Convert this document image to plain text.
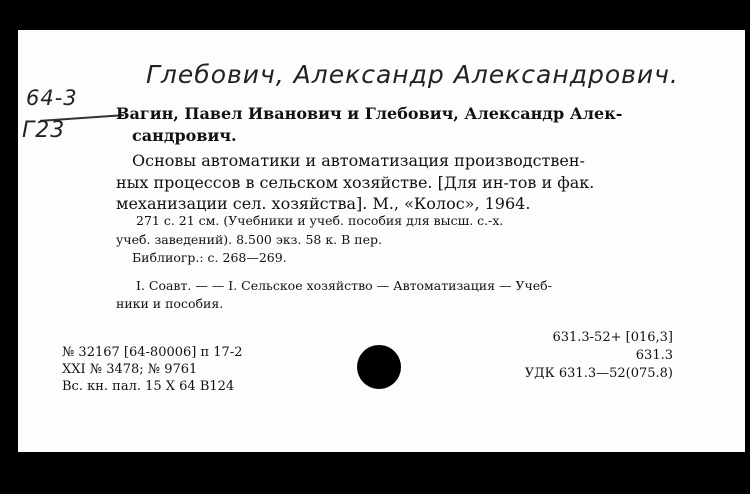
Глебович, Александр Александрович.
64-3
Г23
Вагин, Павел Иванович и Глебович, Александр Алек-
сандрович.
Основы автоматики и автоматизация производствен-
ных процессов в сельском хозяйстве. [Для ин-тов и фак.
механизации сел. хозяйства]. М., «Колос», 1964.
271 с. 21 см. (Учебники и учеб. пособия для высш. с.-х.
учеб. заведений). 8.500 экз. 58 к. В пер.
Библиогр.: с. 268—269.
I. Соавт. — — I. Сельское хозяйство — Автоматизация — Учеб-
ники и пособия.
№ 32167 [64-80006] п 17-2
XXI № 3478; № 9761
Вс. кн. пал. 15 Х 64 В124
631.3-52+ [016,3]
631.3
УДК 631.3—52(075.8)
